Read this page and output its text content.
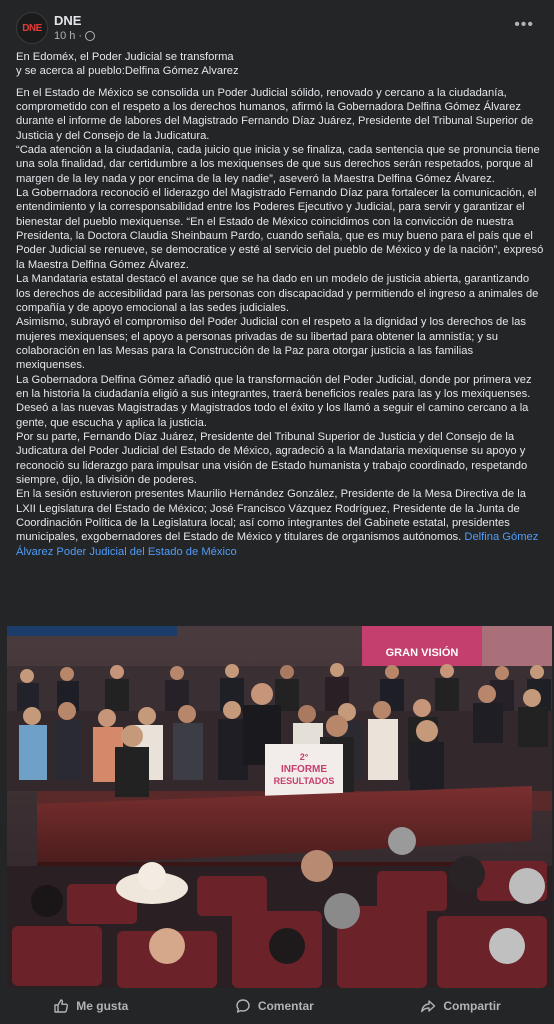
DNE DNE
10 h ·
•••

En Edoméx, el Poder Judicial se transforma

y se acerca al pueblo:Delfina Gómez Alvarez

En el Estado de México se consolida un Poder Judicial sólido, renovado y cercano a la ciudadanía, comprometido con el respeto a los derechos humanos, afirmó la Gobernadora Delfina Gómez Álvarez durante el informe de labores del Magistrado Fernando Díaz Juárez, Presidente del Tribunal Superior de Justicia y del Consejo de la Judicatura.

“Cada atención a la ciudadanía, cada juicio que inicia y se finaliza, cada sentencia que se pronuncia tiene una sola finalidad, dar certidumbre a los mexiquenses de que sus derechos serán respetados, porque al margen de la ley nada y por encima de la ley nadie”, aseveró la Maestra Delfina Gómez Álvarez.

La Gobernadora reconoció el liderazgo del Magistrado Fernando Díaz para fortalecer la comunicación, el entendimiento y la corresponsabilidad entre los Poderes Ejecutivo y Judicial, para servir y garantizar el bienestar del pueblo mexiquense. “En el Estado de México coincidimos con la convicción de nuestra Presidenta, la Doctora Claudia Sheinbaum Pardo, cuando señala, que es muy bueno para el país que el Poder Judicial se renueve, se democratice y esté al servicio del pueblo de México y de la nación”, expresó la Maestra Delfina Gómez Álvarez.

La Mandataria estatal destacó el avance que se ha dado en un modelo de justicia abierta, garantizando los derechos de accesibilidad para las personas con discapacidad y permitiendo el ingreso a animales de compañía y de apoyo emocional a las sedes judiciales.

Asimismo, subrayó el compromiso del Poder Judicial con el respeto a la dignidad y los derechos de las mujeres mexiquenses; el apoyo a personas privadas de su libertad para obtener la amnistía; y su colaboración en las Mesas para la Construcción de la Paz para otorgar justicia a las familias mexiquenses.

La Gobernadora Delfina Gómez añadió que la transformación del Poder Judicial, donde por primera vez en la historia la ciudadanía eligió a sus integrantes, traerá beneficios reales para las y los mexiquenses. Deseó a las nuevas Magistradas y Magistrados todo el éxito y los llamó a seguir el camino cercano a la gente, que escucha y aplica la justicia.

Por su parte, Fernando Díaz Juárez, Presidente del Tribunal Superior de Justicia y del Consejo de la Judicatura del Poder Judicial del Estado de México, agradeció a la Mandataria mexiquense su apoyo y reconoció su liderazgo para impulsar una visión de Estado humanista y trabajo coordinado, respetando siempre, dijo, la división de poderes.

En la sesión estuvieron presentes Maurilio Hernández González, Presidente de la Mesa Directiva de la LXII Legislatura del Estado de México; José Francisco Vázquez Rodríguez, Presidente de la Junta de Coordinación Política de la Legislatura local; así como integrantes del Gabinete estatal, presidentes municipales, exgobernadores del Estado de México y titulares de organismos autónomos. Delfina Gómez Álvarez Poder Judicial del Estado de México

GRAN VISIÓN
2°
INFORME
RESULTADOS
Me gusta	Comentar	Compartir
